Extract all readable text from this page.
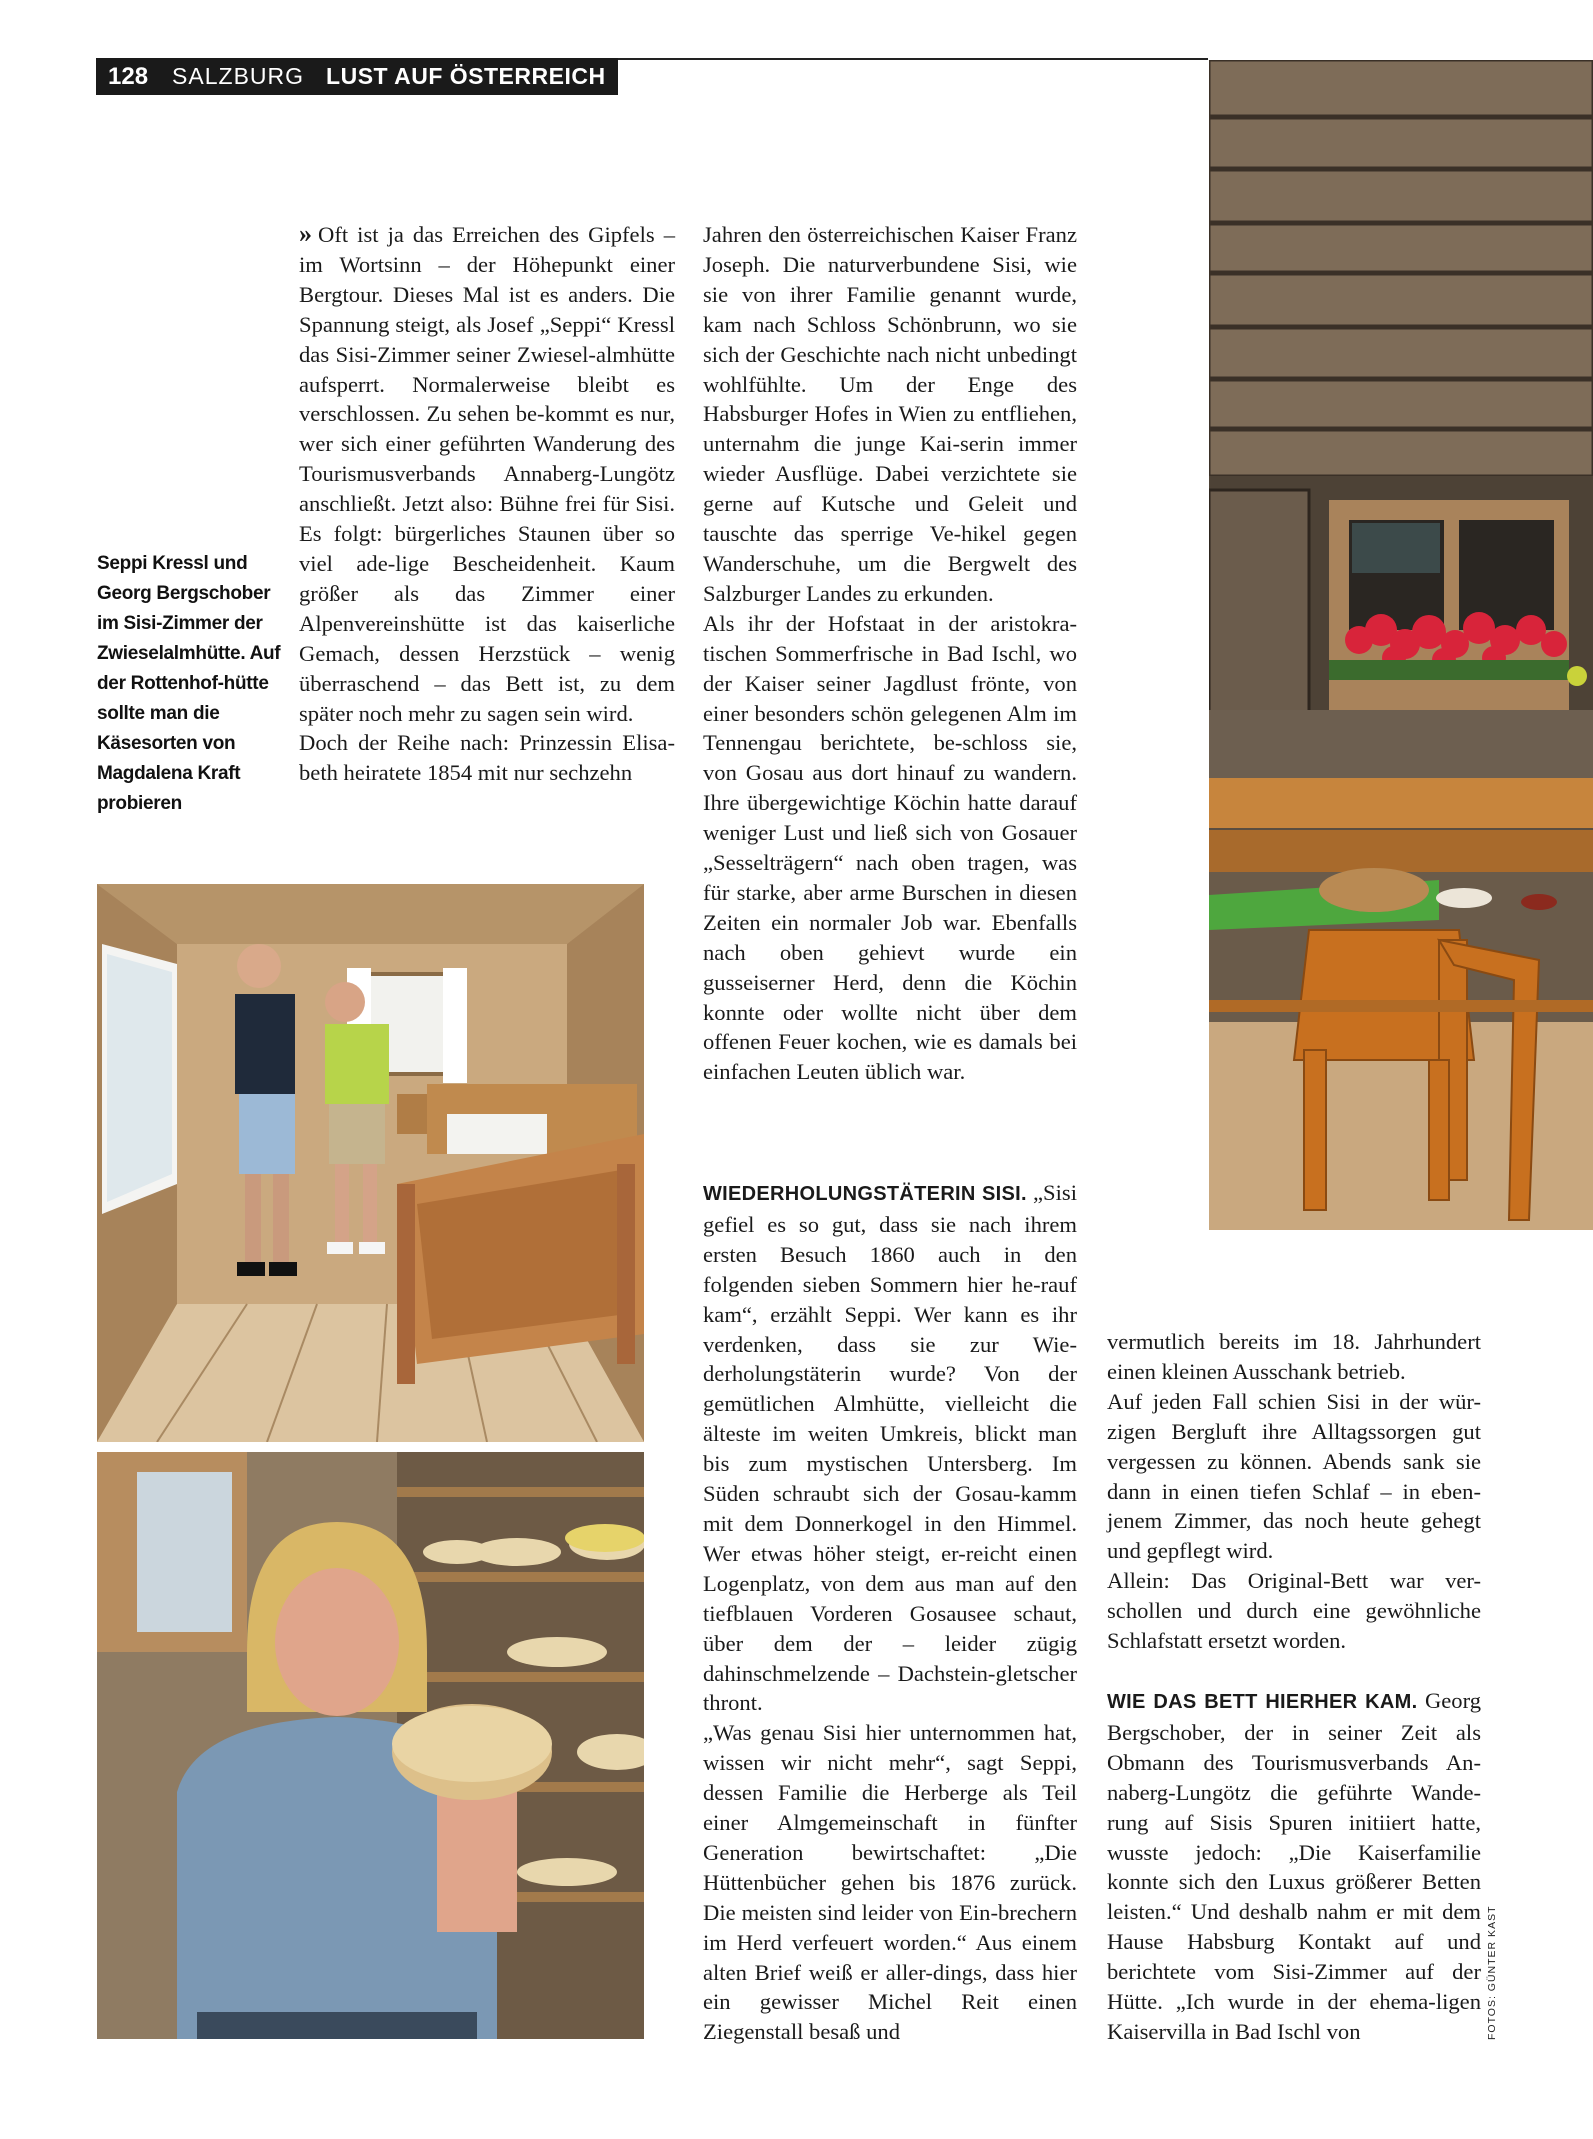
128 SALZBURG LUST AUF ÖSTERREICH
Seppi Kressl und Georg Bergschober im Sisi-Zimmer der Zwieselalmhütte. Auf der Rottenhof-hütte sollte man die Käsesorten von Magdalena Kraft probieren

» Oft ist ja das Erreichen des Gipfels – im Wortsinn – der Höhepunkt einer Bergtour. Dieses Mal ist es anders. Die Spannung steigt, als Josef „Seppi“ Kressl das Sisi-Zimmer seiner Zwiesel-almhütte aufsperrt. Normalerweise bleibt es verschlossen. Zu sehen be-kommt es nur, wer sich einer geführten Wanderung des Tourismusverbands Annaberg-Lungötz anschließt. Jetzt also: Bühne frei für Sisi. Es folgt: bürgerliches Staunen über so viel ade-lige Bescheidenheit. Kaum größer als das Zimmer einer Alpenvereinshütte ist das kaiserliche Gemach, dessen Herzstück – wenig überraschend – das Bett ist, zu dem später noch mehr zu sagen sein wird.

Doch der Reihe nach: Prinzessin Elisa-beth heiratete 1854 mit nur sechzehn

Jahren den österreichischen Kaiser Franz Joseph. Die naturverbundene Sisi, wie sie von ihrer Familie genannt wurde, kam nach Schloss Schönbrunn, wo sie sich der Geschichte nach nicht unbedingt wohlfühlte. Um der Enge des Habsburger Hofes in Wien zu entfliehen, unternahm die junge Kai-serin immer wieder Ausflüge. Dabei verzichtete sie gerne auf Kutsche und Geleit und tauschte das sperrige Ve-hikel gegen Wanderschuhe, um die Bergwelt des Salzburger Landes zu erkunden.

Als ihr der Hofstaat in der aristokra-tischen Sommerfrische in Bad Ischl, wo der Kaiser seiner Jagdlust frönte, von einer besonders schön gelegenen Alm im Tennengau berichtete, be-schloss sie, von Gosau aus dort hinauf zu wandern. Ihre übergewichtige Köchin hatte darauf weniger Lust und ließ sich von Gosauer „Sesselträgern“ nach oben tragen, was für starke, aber arme Burschen in diesen Zeiten ein normaler Job war. Ebenfalls nach oben gehievt wurde ein gusseiserner Herd, denn die Köchin konnte oder wollte nicht über dem offenen Feuer kochen, wie es damals bei einfachen Leuten üblich war.

WIEDERHOLUNGSTÄTERIN SISI. „Sisi gefiel es so gut, dass sie nach ihrem ersten Besuch 1860 auch in den folgenden sieben Sommern hier he-rauf kam“, erzählt Seppi. Wer kann es ihr verdenken, dass sie zur Wie-derholungstäterin wurde? Von der gemütlichen Almhütte, vielleicht die älteste im weiten Umkreis, blickt man bis zum mystischen Untersberg. Im Süden schraubt sich der Gosau-kamm mit dem Donnerkogel in den Himmel. Wer etwas höher steigt, er-reicht einen Logenplatz, von dem aus man auf den tiefblauen Vorderen Gosausee schaut, über dem der – leider zügig dahinschmelzende – Dachstein-gletscher thront.

„Was genau Sisi hier unternommen hat, wissen wir nicht mehr“, sagt Seppi, dessen Familie die Herberge als Teil einer Almgemeinschaft in fünfter Generation bewirtschaftet: „Die Hüttenbücher gehen bis 1876 zurück. Die meisten sind leider von Ein-brechern im Herd verfeuert worden.“ Aus einem alten Brief weiß er aller-dings, dass hier ein gewisser Michel Reit einen Ziegenstall besaß und

vermutlich bereits im 18. Jahrhundert einen kleinen Ausschank betrieb.

Auf jeden Fall schien Sisi in der wür-zigen Bergluft ihre Alltagssorgen gut vergessen zu können. Abends sank sie dann in einen tiefen Schlaf – in eben-jenem Zimmer, das noch heute gehegt und gepflegt wird.

Allein: Das Original-Bett war ver-schollen und durch eine gewöhnliche Schlafstatt ersetzt worden.

WIE DAS BETT HIERHER KAM. Georg Bergschober, der in seiner Zeit als Obmann des Tourismusverbands An-naberg-Lungötz die geführte Wande-rung auf Sisis Spuren initiiert hatte, wusste jedoch: „Die Kaiserfamilie konnte sich den Luxus größerer Betten leisten.“ Und deshalb nahm er mit dem Hause Habsburg Kontakt auf und berichtete vom Sisi-Zimmer auf der Hütte. „Ich wurde in der ehema-ligen Kaiservilla in Bad Ischl von	FOTOS: GÜNTER KAST
